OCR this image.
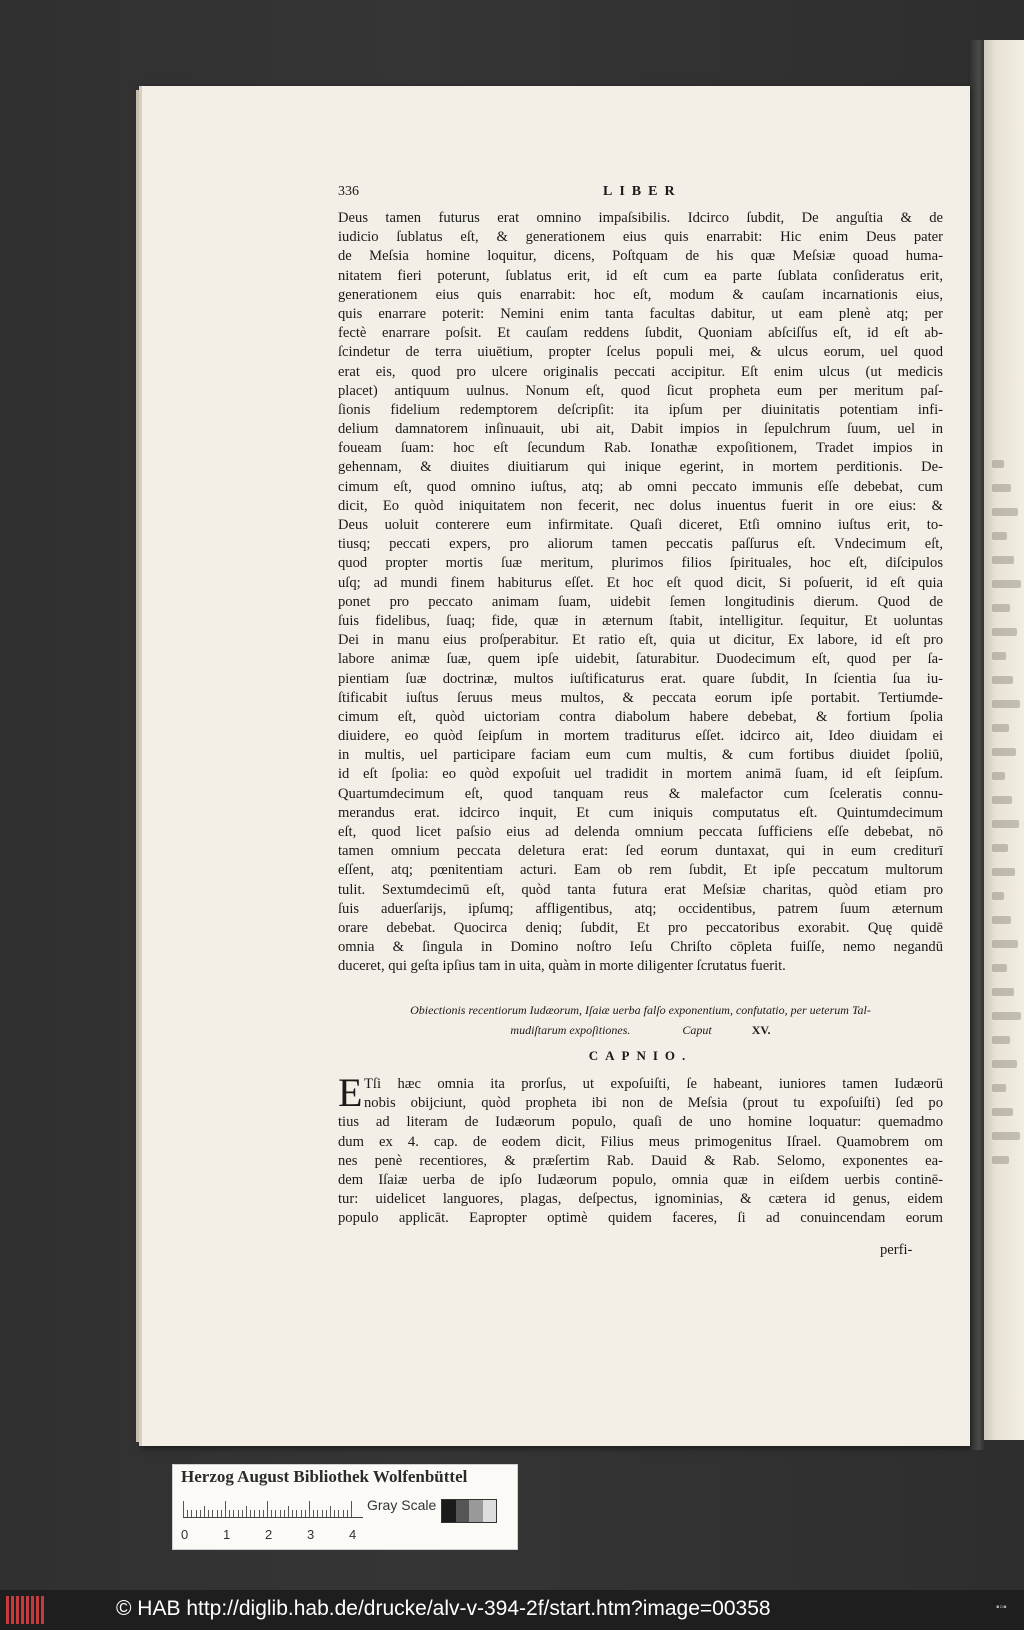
336	LIBER
Deus tamen futurus erat omnino impaſsibilis. Idcirco ſubdit, De anguſtia & de
iudicio ſublatus eſt, & generationem eius quis enarrabit: Hic enim Deus pater
de Meſsia homine loquitur, dicens, Poſtquam de his quæ Meſsiæ quoad huma-
nitatem fieri poterunt, ſublatus erit, id eſt cum ea parte ſublata conſideratus erit,
generationem eius quis enarrabit: hoc eſt, modum & cauſam incarnationis eius,
quis enarrare poterit: Nemini enim tanta facultas dabitur, ut eam plenè atq; per
fectè enarrare poſsit. Et cauſam reddens ſubdit, Quoniam abſciſſus eſt, id eſt ab-
ſcindetur de terra uiuētium, propter ſcelus populi mei, & ulcus eorum, uel quod
erat eis, quod pro ulcere originalis peccati accipitur. Eſt enim ulcus (ut medicis
placet) antiquum uulnus. Nonum eſt, quod ſicut propheta eum per meritum paſ-
ſionis fidelium redemptorem deſcripſit: ita ipſum per diuinitatis potentiam infi-
delium damnatorem inſinuauit, ubi ait, Dabit impios in ſepulchrum ſuum, uel in
foueam ſuam: hoc eſt ſecundum Rab. Ionathæ expoſitionem, Tradet impios in
gehennam, & diuites diuitiarum qui inique egerint, in mortem perditionis. De-
cimum eſt, quod omnino iuſtus, atq; ab omni peccato immunis eſſe debebat, cum
dicit, Eo quòd iniquitatem non fecerit, nec dolus inuentus fuerit in ore eius: &
Deus uoluit conterere eum infirmitate. Quaſi diceret, Etſi omnino iuſtus erit, to-
tiusq; peccati expers, pro aliorum tamen peccatis paſſurus eſt. Vndecimum eſt,
quod propter mortis ſuæ meritum, plurimos filios ſpirituales, hoc eſt, diſcipulos
uſq; ad mundi finem habiturus eſſet. Et hoc eſt quod dicit, Si poſuerit, id eſt quia
ponet pro peccato animam ſuam, uidebit ſemen longitudinis dierum. Quod de
ſuis fidelibus, ſuaq; fide, quæ in æternum ſtabit, intelligitur. ſequitur, Et uoluntas
Dei in manu eius proſperabitur. Et ratio eſt, quia ut dicitur, Ex labore, id eſt pro
labore animæ ſuæ, quem ipſe uidebit, ſaturabitur. Duodecimum eſt, quod per ſa-
pientiam ſuæ doctrinæ, multos iuſtificaturus erat. quare ſubdit, In ſcientia ſua iu-
ſtificabit iuſtus ſeruus meus multos, & peccata eorum ipſe portabit. Tertiumde-
cimum eſt, quòd uictoriam contra diabolum habere debebat, & fortium ſpolia
diuidere, eo quòd ſeipſum in mortem traditurus eſſet. idcirco ait, Ideo diuidam ei
in multis, uel participare faciam eum cum multis, & cum fortibus diuidet ſpoliū,
id eſt ſpolia: eo quòd expoſuit uel tradidit in mortem animā ſuam, id eſt ſeipſum.
Quartumdecimum eſt, quod tanquam reus & malefactor cum ſceleratis connu-
merandus erat. idcirco inquit, Et cum iniquis computatus eſt. Quintumdecimum
eſt, quod licet paſsio eius ad delenda omnium peccata ſufficiens eſſe debebat, nō
tamen omnium peccata deletura erat: ſed eorum duntaxat, qui in eum crediturī
eſſent, atq; pœnitentiam acturi. Eam ob rem ſubdit, Et ipſe peccatum multorum
tulit. Sextumdecimū eſt, quòd tanta futura erat Meſsiæ charitas, quòd etiam pro
ſuis aduerſarijs, ipſumq; affligentibus, atq; occidentibus, patrem ſuum æternum
orare debebat. Quocirca deniq; ſubdit, Et pro peccatoribus exorabit. Quę quidē
omnia & ſingula in Domino noſtro Ieſu Chriſto cōpleta fuiſſe, nemo negandū
duceret, qui geſta ipſius tam in uita, quàm in morte diligenter ſcrutatus fuerit.
Obiectionis recentiorum Iudæorum, Iſaiæ uerba falſo exponentium, confutatio, per ueterum Tal-
mudiſtarum expoſitiones.	Caput	XV.
CAPNIO.
E Tſi hæc omnia ita prorſus, ut expoſuiſti, ſe habeant, iuniores tamen Iudæorū
nobis obijciunt, quòd propheta ibi non de Meſsia (prout tu expoſuiſti) ſed po
tius ad literam de Iudæorum populo, quaſi de uno homine loquatur: quemadmo
dum ex 4. cap. de eodem dicit, Filius meus primogenitus Iſrael. Quamobrem om
nes penè recentiores, & præſertim Rab. Dauid & Rab. Selomo, exponentes ea-
dem Iſaiæ uerba de ipſo Iudæorum populo, omnia quæ in eiſdem uerbis continē-
tur: uidelicet languores, plagas, deſpectus, ignominias, & cætera id genus, eidem
populo applicāt. Eapropter optimè quidem faceres, ſi ad conuincendam eorum
perfi-
Herzog August Bibliothek Wolfenbüttel
0	1	2	3	4
Gray Scale
© HAB http://diglib.hab.de/drucke/alv-v-394-2f/start.htm?image=00358	▪▫▪
